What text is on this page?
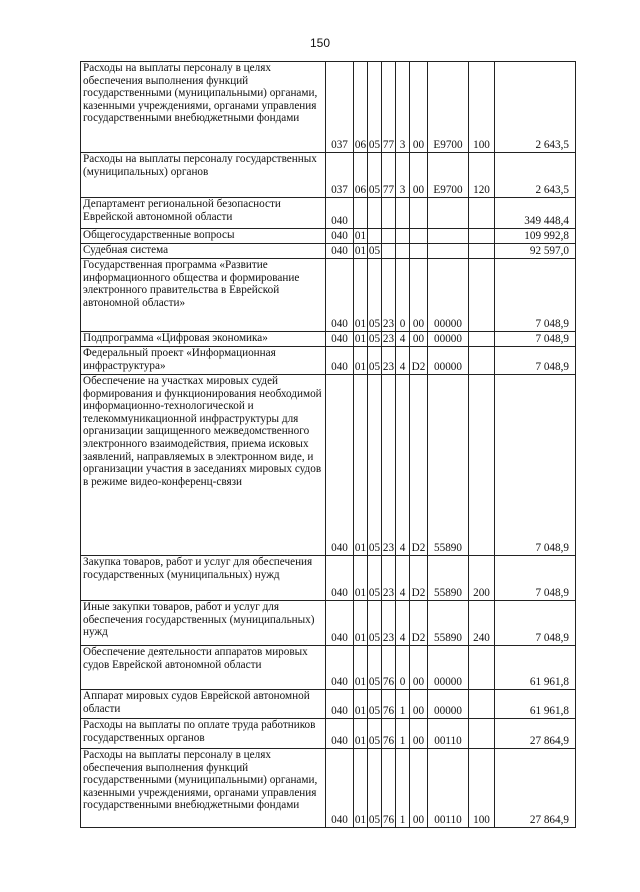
150
Расходы на выплаты персоналу в целях обеспечения выполнения функций государственными (муниципальными) органами, казенными учреждениями, органами управления государственными внебюджетными фондами	037	06	05	77	3	00	E9700	100	2 643,5

Расходы на выплаты персоналу государственных (муниципальных) органов	037	06	05	77	3	00	E9700	120	2 643,5

Департамент региональной безопасности Еврейской автономной области	040								349 448,4

Общегосударственные вопросы	040	01							109 992,8

Судебная система	040	01	05						92 597,0

Государственная программа «Развитие информационного общества и формирование электронного правительства в Еврейской автономной области»	040	01	05	23	0	00	00000		7 048,9

Подпрограмма «Цифровая экономика»	040	01	05	23	4	00	00000		7 048,9

Федеральный проект «Информационная инфраструктура»	040	01	05	23	4	D2	00000		7 048,9

Обеспечение на участках мировых судей формирования и функционирования необходимой информационно-технологической и телекоммуникационной инфраструктуры для организации защищенного межведомственного электронного взаимодействия, приема исковых заявлений, направляемых в электронном виде, и организации участия в заседаниях мировых судов в режиме видео-конференц-связи	040	01	05	23	4	D2	55890		7 048,9

Закупка товаров, работ и услуг для обеспечения государственных (муниципальных) нужд	040	01	05	23	4	D2	55890	200	7 048,9

Иные закупки товаров, работ и услуг для обеспечения государственных (муниципальных) нужд	040	01	05	23	4	D2	55890	240	7 048,9

Обеспечение деятельности аппаратов мировых судов Еврейской автономной области	040	01	05	76	0	00	00000		61 961,8

Аппарат мировых судов Еврейской автономной области	040	01	05	76	1	00	00000		61 961,8

Расходы на выплаты по оплате труда работников государственных органов	040	01	05	76	1	00	00110		27 864,9

Расходы на выплаты персоналу в целях обеспечения выполнения функций государственными (муниципальными) органами, казенными учреждениями, органами управления государственными внебюджетными фондами	040	01	05	76	1	00	00110	100	27 864,9
